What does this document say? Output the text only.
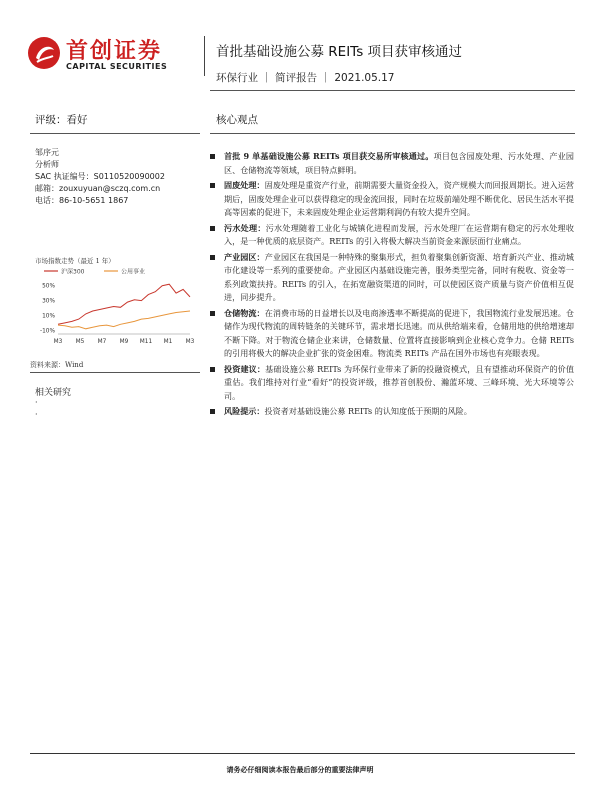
首创证券
CAPITAL SECURITIES
首批基础设施公募 REITs 项目获审核通过
环保行业 ｜ 简评报告 ｜ 2021.05.17
评级：看好	核心观点
邹序元
分析师
SAC 执证编号：S0110520090002
邮箱：zouxuyuan@sczq.com.cn
电话：86-10-5651 1867
市场指数走势（最近 1 年）
沪深300	公用事业
50%
30%
10%
-10%
M3 M5 M7 M9 M11 M1 M3
资料来源：Wind
相关研究
·
·
首批 9 单基础设施公募 REITs 项目获交易所审核通过。项目包含园废处理、污水处理、产业园区、仓储物流等领域，项目特点鲜明。
固废处理：固废处理是重资产行业，前期需要大量资金投入，资产规模大而回报周期长。进入运营期后，固废处理企业可以获得稳定的现金流回报，同时在垃圾前端处理不断优化、居民生活水平提高等因素的促进下，未来固废处理企业运营期利润仍有较大提升空间。
污水处理：污水处理随着工业化与城镇化进程而发展，污水处理厂在运营期有稳定的污水处理收入，是一种优质的底层资产。REITs 的引入将极大解决当前资金来源层面行业痛点。
产业园区：产业园区在我国是一种特殊的聚集形式，担负着聚集创新资源、培育新兴产业、推动城市化建设等一系列的重要使命。产业园区内基础设施完善，服务类型完备，同时有税收、资金等一系列政策扶持。REITs 的引入，在拓宽融资渠道的同时，可以使园区资产质量与资产价值相互促进，同步提升。
仓储物流：在消费市场的日益增长以及电商渗透率不断提高的促进下，我国物流行业发展迅速。仓储作为现代物流的周转链条的关键环节，需求增长迅速。而从供给端来看，仓储用地的供给增速却不断下降。对于物流仓储企业来讲，仓储数量、位置将直接影响到企业核心竞争力。仓储 REITs 的引用将极大的解决企业扩张的资金困难。物流类 REITs 产品在国外市场也有亮眼表现。
投资建议：基础设施公募 REITs 为环保行业带来了新的投融资模式，且有望推动环保资产的价值重估。我们维持对行业“看好”的投资评级，推荐首创股份、瀚蓝环境、三峰环境、光大环境等公司。
风险提示：投资者对基础设施公募 REITs 的认知度低于预期的风险。
请务必仔细阅读本报告最后部分的重要法律声明
